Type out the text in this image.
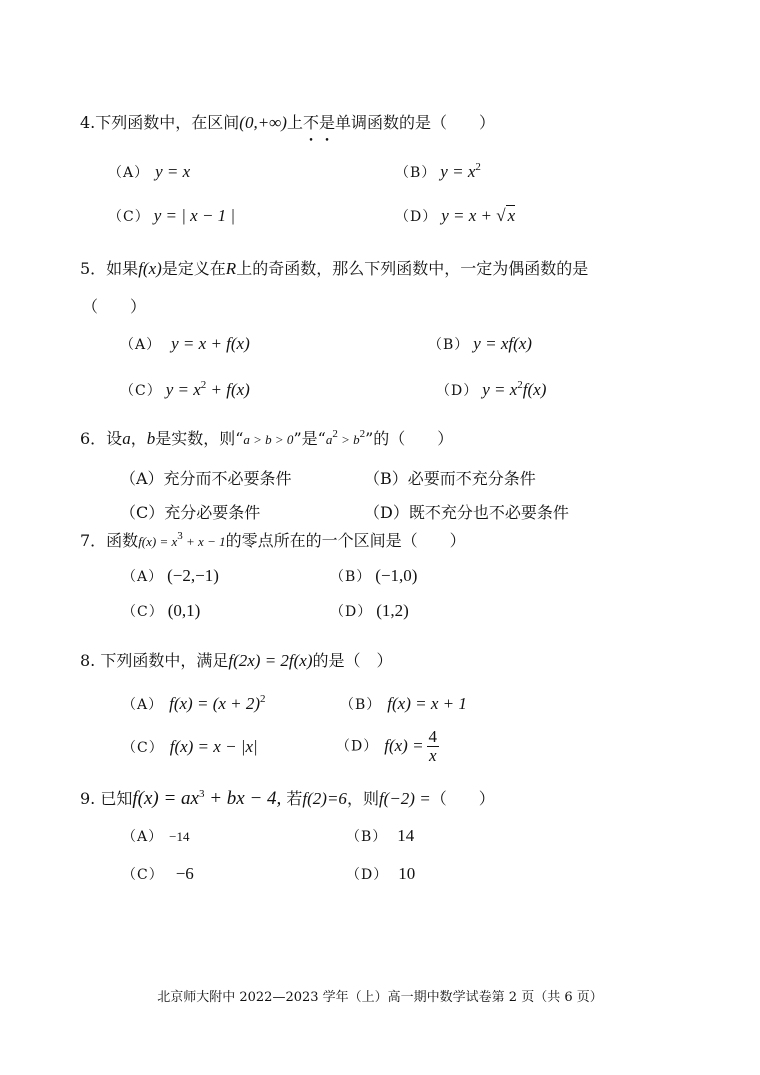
4.下列函数中，在区间(0,+∞)上不是单调函数的是（　　）
（A） y = x	（B） $y = x^2$
（C） y = | x − 1 |	（D） y = x + √ x
5．如果f(x)是定义在R上的奇函数，那么下列函数中，一定为偶函数的是
（　　）
（A） y = x + f(x)	（B） y = xf(x)
（C） $y = x^2 + f(x)$	（D） $y = x^2f(x)$
6．设a，b是实数，则“a > b > 0”是“$a^2 > b^2$”的（　　）
（A）充分而不必要条件	（B）必要而不充分条件
（C）充分必要条件	（D）既不充分也不必要条件
7．函数$f(x) = x^3 + x - 1$的零点所在的一个区间是（　　）
（A） (−2,−1)	（B） (−1,0)
（C） (0,1)	（D） (1,2)
8. 下列函数中，满足f(2x) = 2f(x)的是（　）
（A） $f(x) = (x + 2)^2$	（B） f(x) = x + 1
（C） f(x) = x − |x|	（D） $f(x) = \frac{4}{x}$
9. 已知$f(x) = ax^3$ + bx − 4, 若f(2)=6，则f(−2) =（　　）
（A） −14	（B） 14
（C） −6	（D） 10
北京师大附中 2022—2023 学年（上）高一期中数学试卷第 2 页（共 6 页）
